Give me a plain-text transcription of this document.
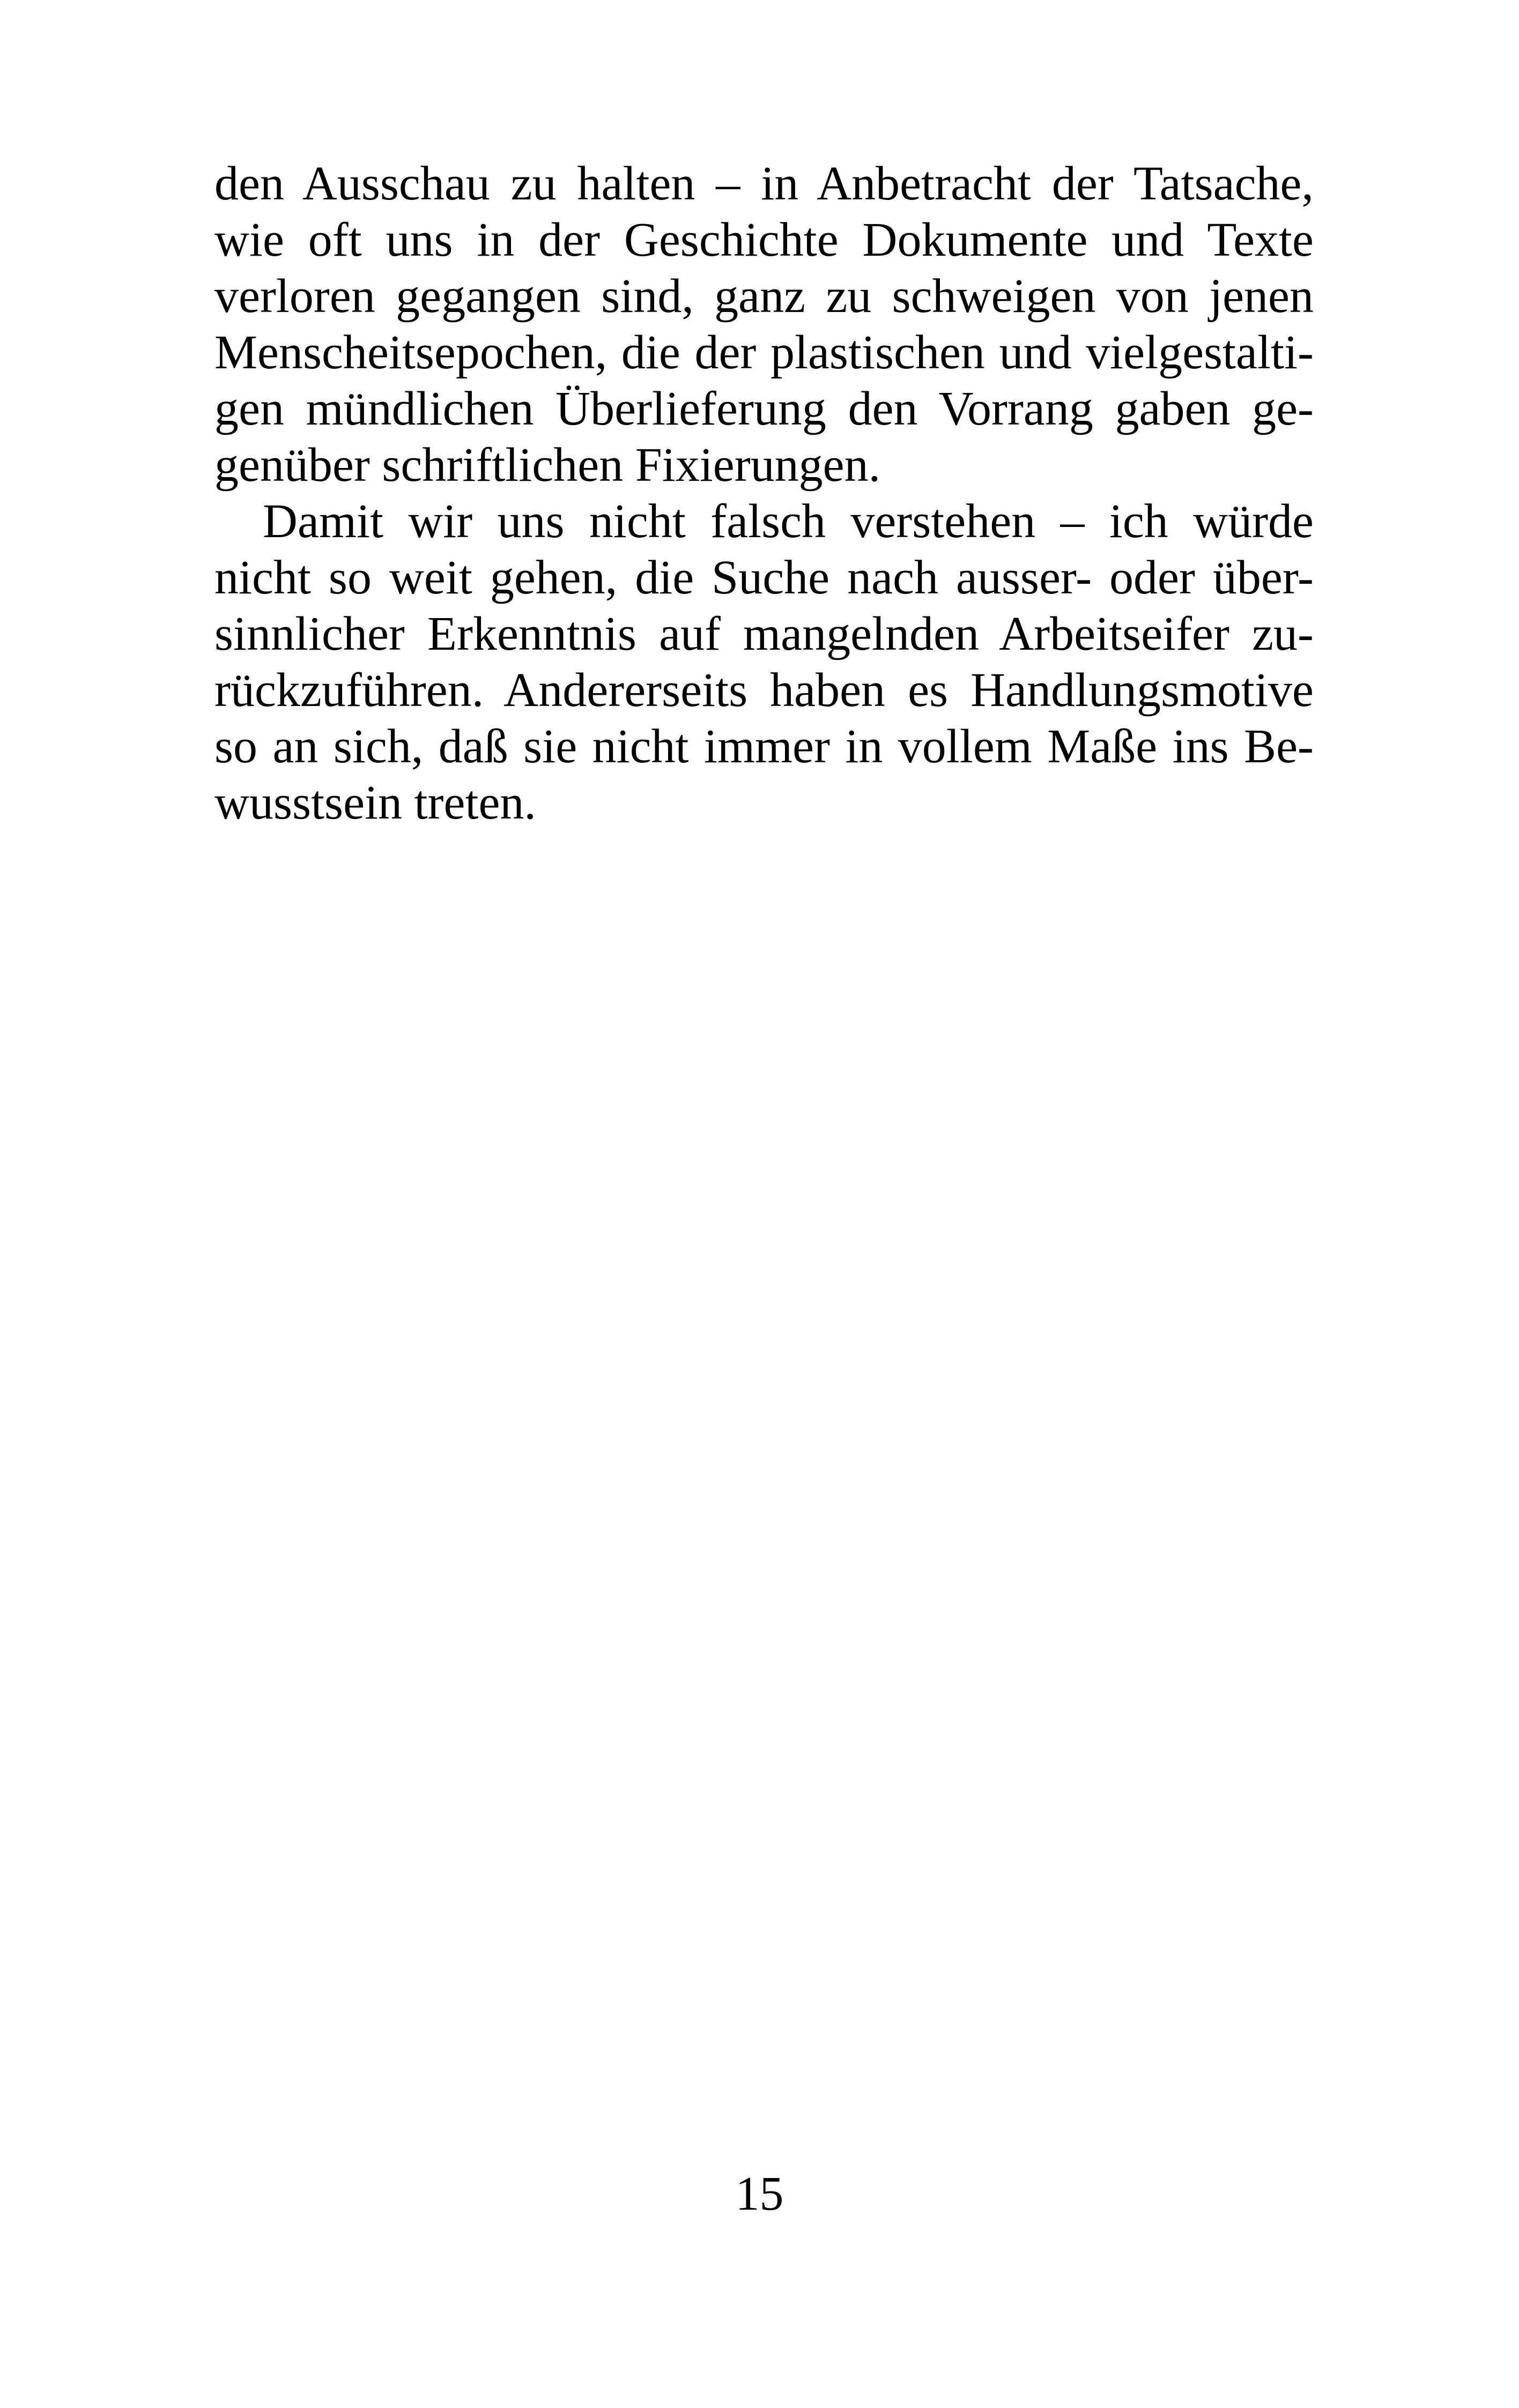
den Ausschau zu halten – in Anbetracht der Tatsache,
wie oft uns in der Geschichte Dokumente und Texte
verloren gegangen sind, ganz zu schweigen von jenen
Menscheitsepochen, die der plastischen und vielgestalti-
gen mündlichen Überlieferung den Vorrang gaben ge-
genüber schriftlichen Fixierungen.
Damit wir uns nicht falsch verstehen – ich würde
nicht so weit gehen, die Suche nach ausser- oder über-
sinnlicher Erkenntnis auf mangelnden Arbeitseifer zu-
rückzuführen. Andererseits haben es Handlungsmotive
so an sich, daß sie nicht immer in vollem Maße ins Be-
wusstsein treten.
15
